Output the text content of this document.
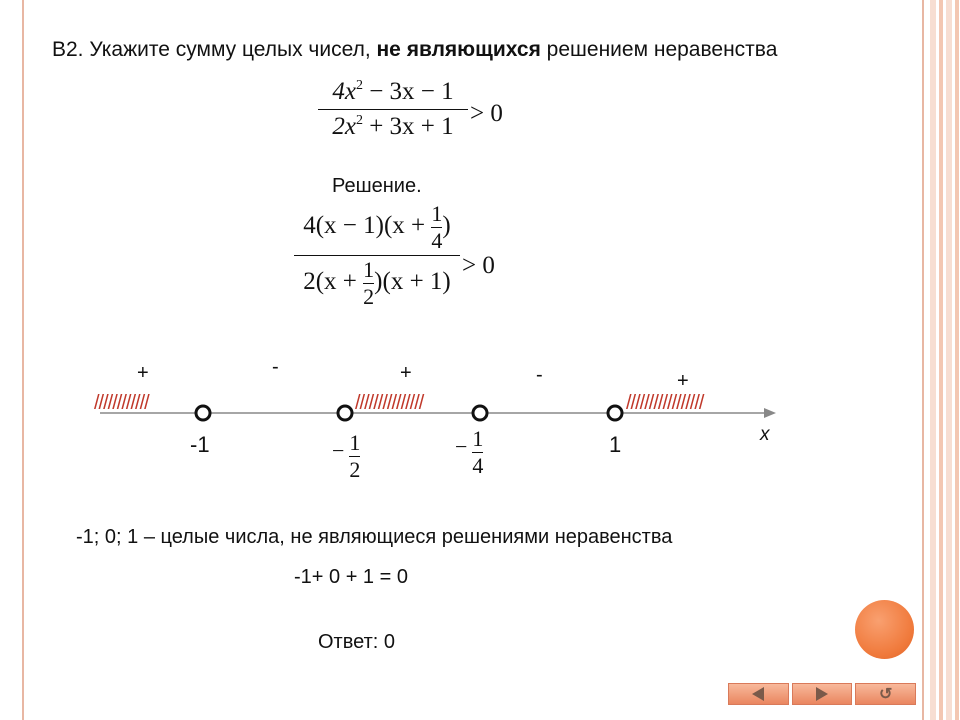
В2. Укажите сумму целых чисел, не являющихся решением неравенства
$4x^2 - 3x - 1$
$2x^2 + 3x + 1 > 0$
Решение.
$4(x - 1)(x + \frac{1}{4}$ )
$2(x + \frac{1}{2} )(x + 1)$
> 0
////////////	///////////////	/////////////////
+	-	+	-	+
x
-1	1
− $\frac{1}{2}$	− $\frac{1}{4}$
-1; 0; 1 – целые числа, не являющиеся решениями неравенства
-1+ 0 + 1 = 0
Ответ: 0
↺
